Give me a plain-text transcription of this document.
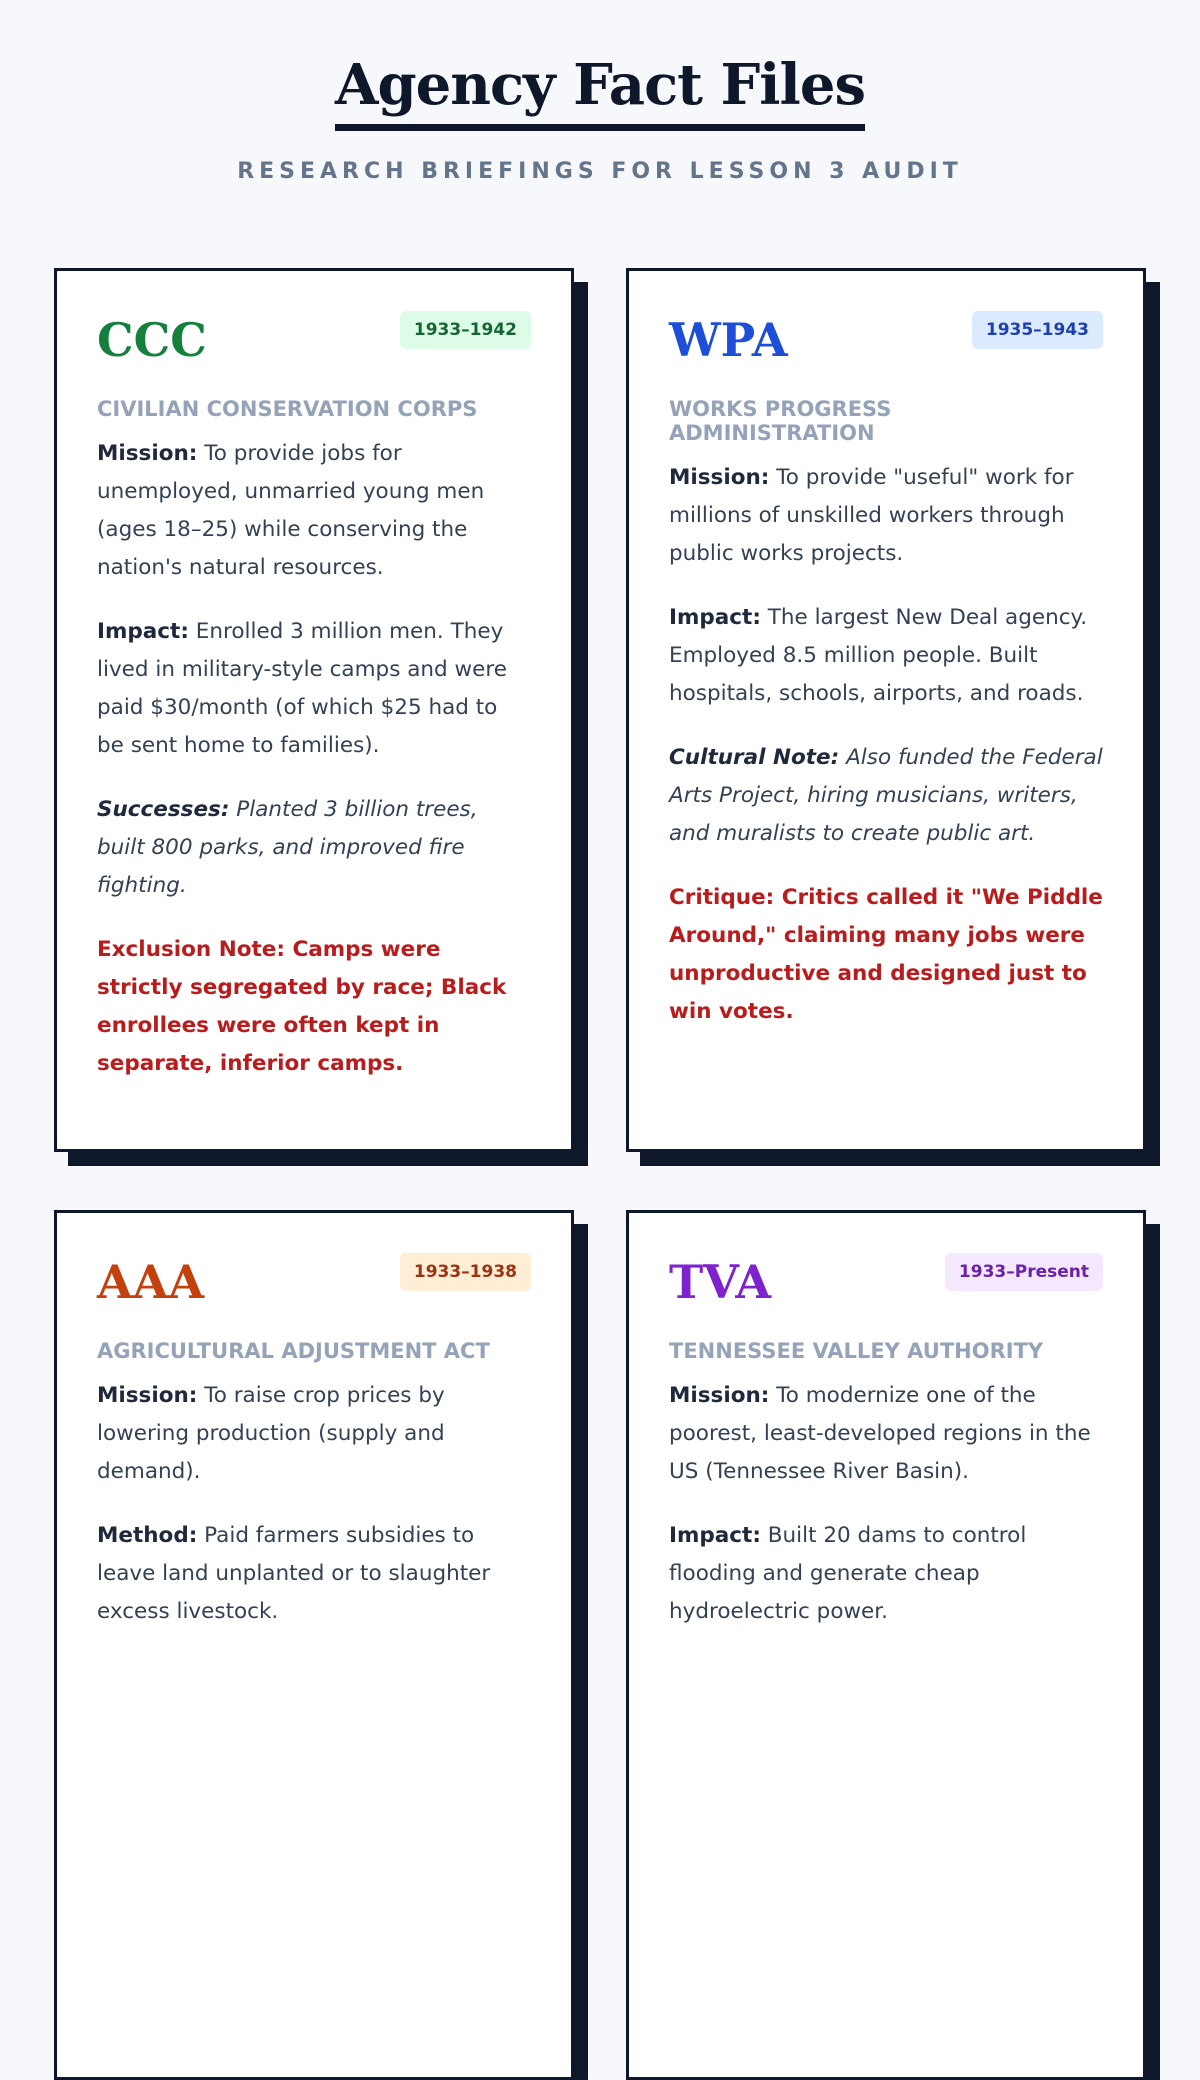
Agency Fact Files
RESEARCH BRIEFINGS FOR LESSON 3 AUDIT
CCC	1933–1942
CIVILIAN CONSERVATION CORPS

Mission: To provide jobs for unemployed, unmarried young men (ages 18–25) while conserving the nation's natural resources.

Impact: Enrolled 3 million men. They lived in military-style camps and were paid $30/month (of which $25 had to be sent home to families).

Successes: Planted 3 billion trees, built 800 parks, and improved fire fighting.

Exclusion Note: Camps were strictly segregated by race; Black enrollees were often kept in separate, inferior camps.

WPA	1935–1943
WORKS PROGRESS ADMINISTRATION

Mission: To provide "useful" work for millions of unskilled workers through public works projects.

Impact: The largest New Deal agency. Employed 8.5 million people. Built hospitals, schools, airports, and roads.

Cultural Note: Also funded the Federal Arts Project, hiring musicians, writers, and muralists to create public art.

Critique: Critics called it "We Piddle Around," claiming many jobs were unproductive and designed just to win votes.

AAA	1933–1938
AGRICULTURAL ADJUSTMENT ACT

Mission: To raise crop prices by lowering production (supply and demand).

Method: Paid farmers subsidies to leave land unplanted or to slaughter excess livestock.

TVA	1933–Present
TENNESSEE VALLEY AUTHORITY

Mission: To modernize one of the poorest, least-developed regions in the US (Tennessee River Basin).

Impact: Built 20 dams to control flooding and generate cheap hydroelectric power.
